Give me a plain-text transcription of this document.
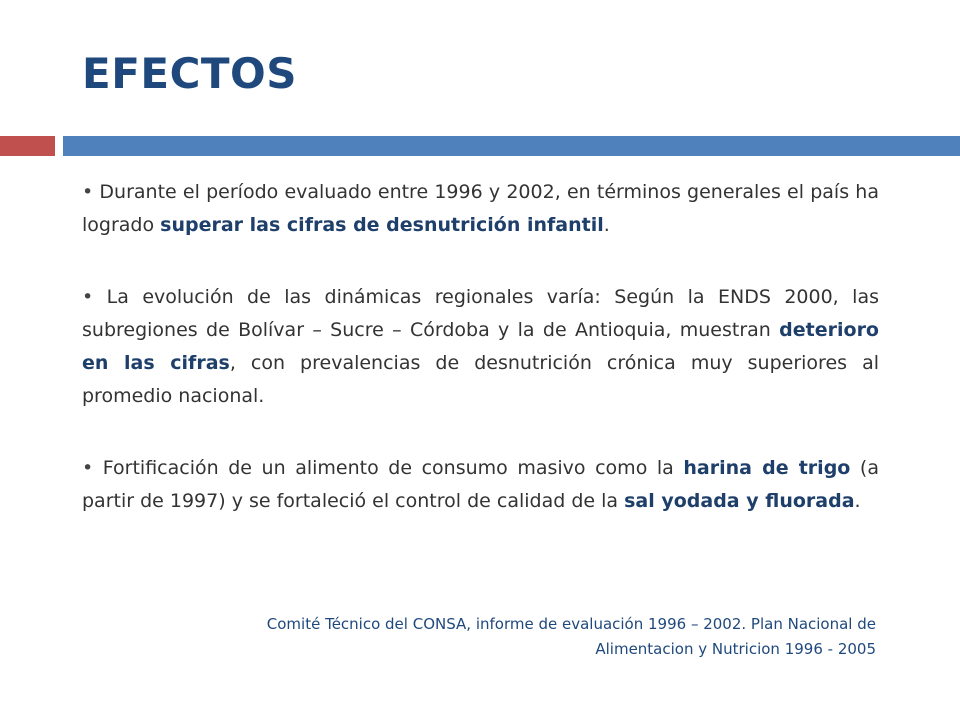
EFECTOS

• Durante el período evaluado entre 1996 y 2002, en términos generales el país ha logrado superar las cifras de desnutrición infantil.

• La evolución de las dinámicas regionales varía: Según la ENDS 2000, las subregiones de Bolívar – Sucre – Córdoba y la de Antioquia, muestran deterioro en las cifras, con prevalencias de desnutrición crónica muy superiores al promedio nacional.

• Fortificación de un alimento de consumo masivo como la harina de trigo (a partir de 1997) y se fortaleció el control de calidad de la sal yodada y fluorada.

Comité Técnico del CONSA, informe de evaluación 1996 – 2002. Plan Nacional de
Alimentacion y Nutricion 1996 - 2005
